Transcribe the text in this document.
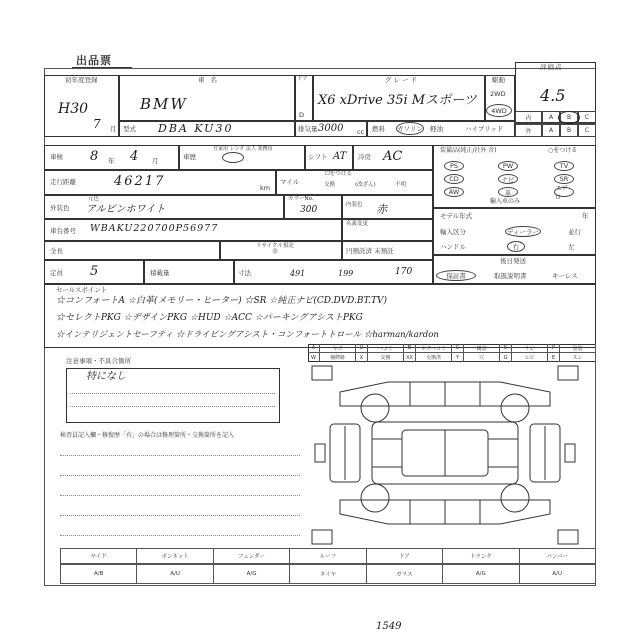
出品票
初年度登録
H30
7 月
車名
BMW
ドア
D
グレード
X6 xDrive 35i Mスポーツ
駆動
2WD
4WD
評価点
4.5
型式 DBA KU30	排気量 3000 cc 燃料 ガソリン 軽油	ハイブリッド
内	A	B	C
外	A	B	C
車検 8 年 4 月	車歴
自家用 レンタ 法人 業務用
シフト AT 冷房 AC	装備品(純正/社外 含)	○をつける
PS	PW	TV
CD	ナビ	SR
AW	革
エアロ
走行距離	46217	km
マイル
☐をつける
交換	(改ざん)	不明
外装色
元色
アルピンホワイト
カラーNo.
300	内装色 赤
輸入車のみ
モデル年式	年
輸入区分	ディーラー	並行
ハンドル	右	左
車台番号 WBAKU220700P56977	名義変更
全長
リサイクル預託金	円預託済 未預託
定員 5	積載量	寸法	491	199	170
後日発送
保証書	取扱説明書	キーレス
セールスポイント
☆コンフォートA ☆白革(メモリー・ヒーター) ☆SR ☆純正ナビ(CD.DVD.BT.TV)
☆セレクトPKG ☆デザインPKG ☆HUD ☆ACC ☆パーキングアシストPKG
☆インテリジェントセーフティ ☆ドライビングアシスト・コンフォートトロール ☆harman/kardon
A	キズ	U	ヘコミ	B	キズヘコミ	C	腐食	S	サビ	P	塗装
W	補修跡	X	交換	XX	交換済	Y	穴	G	ヒビ	E	スレ
注意事項・不具合箇所
特になし
検査員記入欄・修復歴「有」の場合は修理箇所・交換箇所を記入
サイド	ボンネット	フェンダー	ルーフ	ドア	トランク	バンパー
A/B	A/U	A/G	タイヤ	ガラス	A/G	A/U
1549
